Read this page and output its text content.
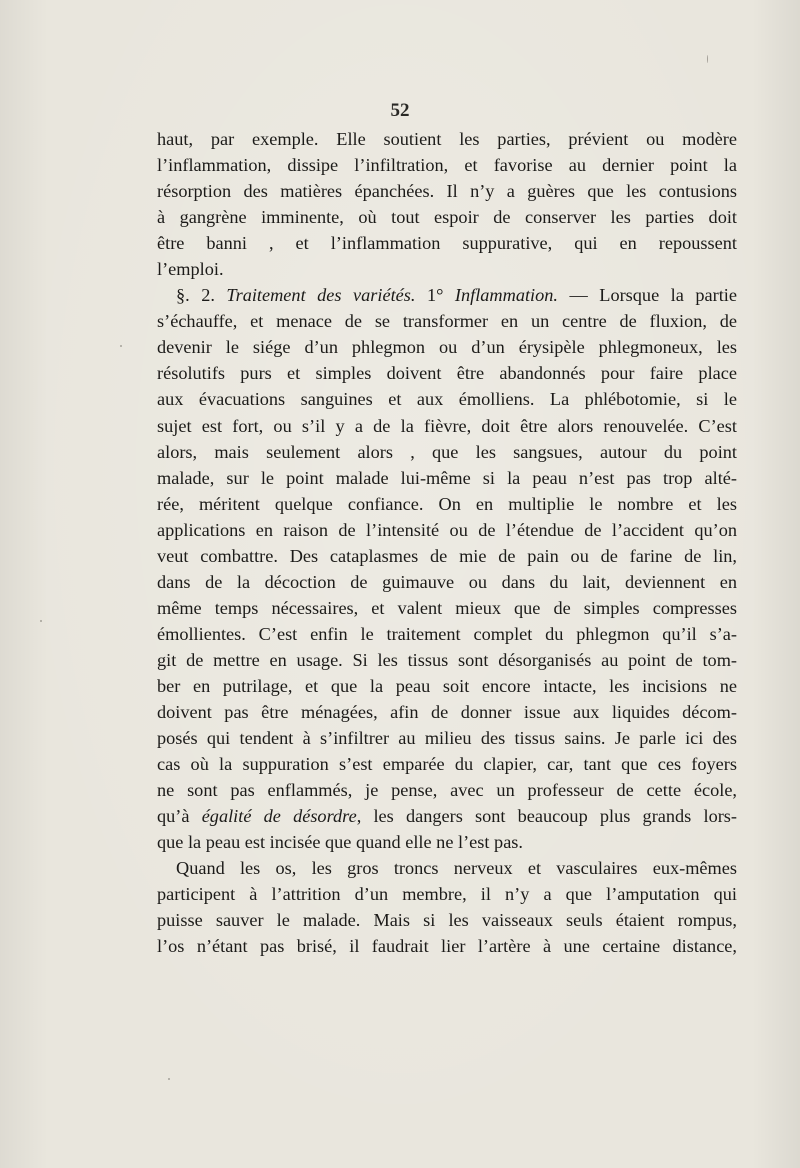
52

haut, par exemple. Elle soutient les parties, prévient ou modère
l’inflammation, dissipe l’infiltration, et favorise au dernier point la
résorption des matières épanchées. Il n’y a guères que les contusions
à gangrène imminente, où tout espoir de conserver les parties doit
être banni , et l’inflammation suppurative, qui en repoussent
l’emploi.

§. 2. Traitement des variétés. 1° Inflammation. — Lorsque la partie
s’échauffe, et menace de se transformer en un centre de fluxion, de
devenir le siége d’un phlegmon ou d’un érysipèle phlegmoneux, les
résolutifs purs et simples doivent être abandonnés pour faire place
aux évacuations sanguines et aux émolliens. La phlébotomie, si le
sujet est fort, ou s’il y a de la fièvre, doit être alors renouvelée. C’est
alors, mais seulement alors , que les sangsues, autour du point
malade, sur le point malade lui-même si la peau n’est pas trop alté-
rée, méritent quelque confiance. On en multiplie le nombre et les
applications en raison de l’intensité ou de l’étendue de l’accident qu’on
veut combattre. Des cataplasmes de mie de pain ou de farine de lin,
dans de la décoction de guimauve ou dans du lait, deviennent en
même temps nécessaires, et valent mieux que de simples compresses
émollientes. C’est enfin le traitement complet du phlegmon qu’il s’a-
git de mettre en usage. Si les tissus sont désorganisés au point de tom-
ber en putrilage, et que la peau soit encore intacte, les incisions ne
doivent pas être ménagées, afin de donner issue aux liquides décom-
posés qui tendent à s’infiltrer au milieu des tissus sains. Je parle ici des
cas où la suppuration s’est emparée du clapier, car, tant que ces foyers
ne sont pas enflammés, je pense, avec un professeur de cette école,
qu’à égalité de désordre, les dangers sont beaucoup plus grands lors-
que la peau est incisée que quand elle ne l’est pas.

Quand les os, les gros troncs nerveux et vasculaires eux-mêmes
participent à l’attrition d’un membre, il n’y a que l’amputation qui
puisse sauver le malade. Mais si les vaisseaux seuls étaient rompus,
l’os n’étant pas brisé, il faudrait lier l’artère à une certaine distance,
